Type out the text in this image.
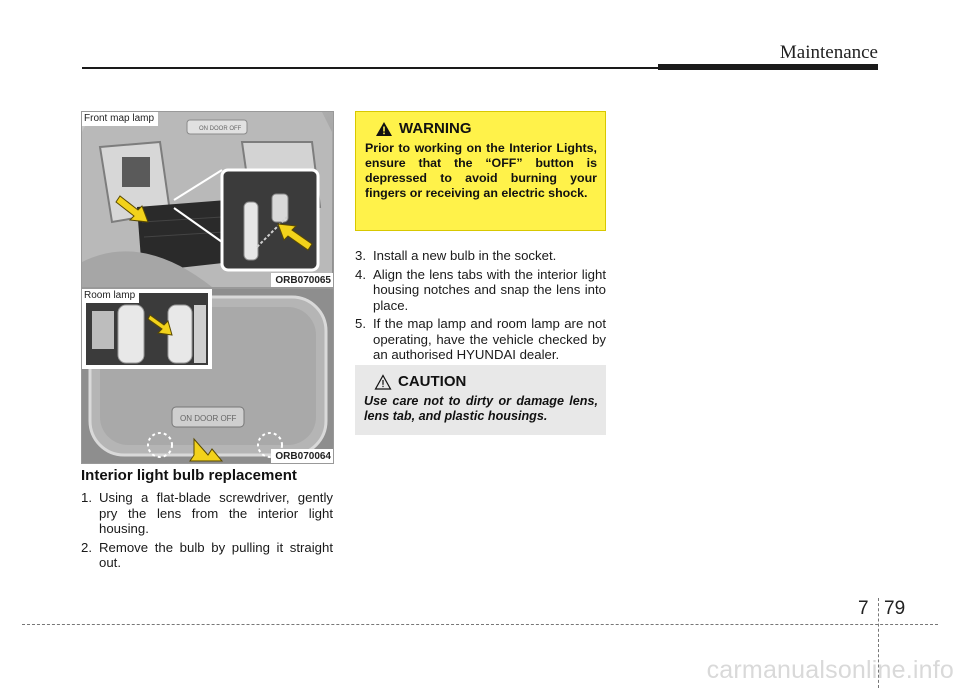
Maintenance
ON DOOR OFF
Front map lamp
ORB070065
ON DOOR OFF
Room lamp
ORB070064
Interior light bulb replacement
1. Using a flat-blade screwdriver, gently pry the lens from the interior light housing.
2. Remove the bulb by pulling it straight out.
WARNING
Prior to working on the Interior Lights, ensure that the “OFF” button is depressed to avoid burning your fingers or receiving an electric shock.
3. Install a new bulb in the socket.
4. Align the lens tabs with the interior light housing notches and snap the lens into place.
5. If the map lamp and room lamp are not operating, have the vehicle checked by an authorised HYUNDAI dealer.
CAUTION
Use care not to dirty or damage lens, lens tab, and plastic housings.
7 79
carmanualsonline.info
